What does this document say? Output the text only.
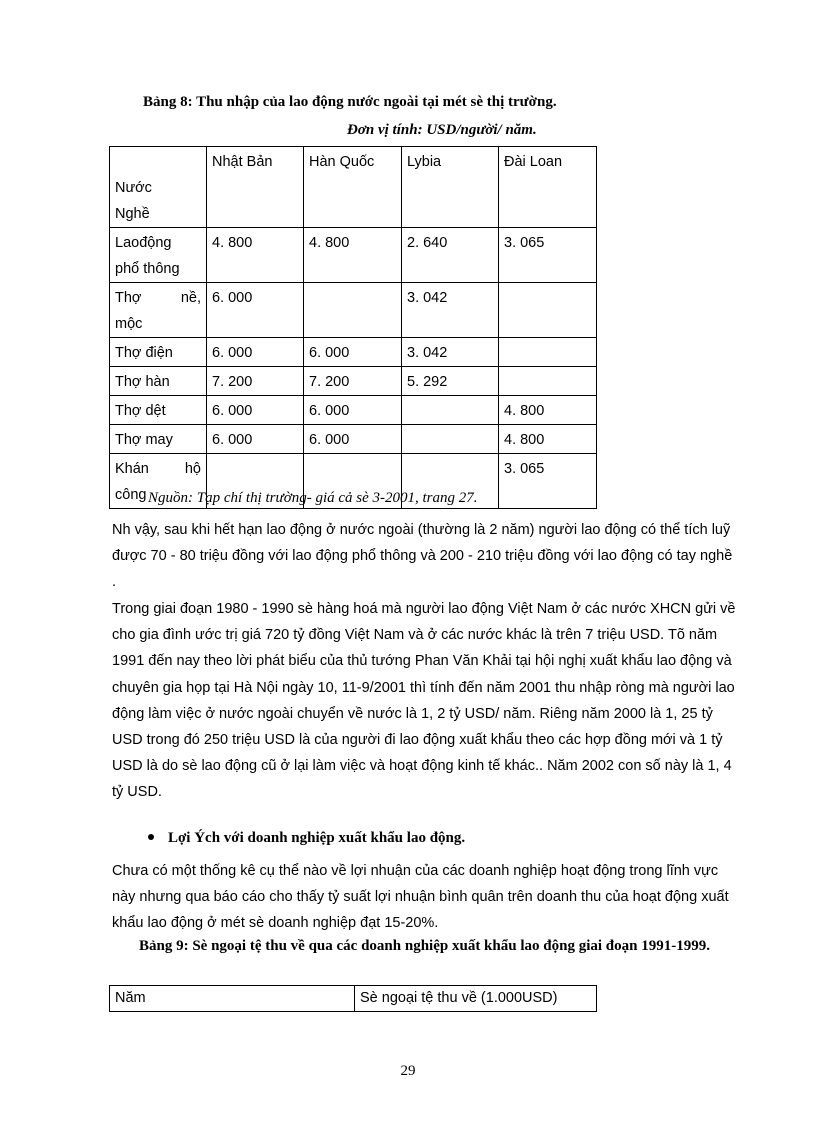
Bảng 8: Thu nhập của lao động nước ngoài tại mét sè thị trường.
Đơn vị tính: USD/người/ năm.
Nước
Nghề	Nhật Bản	Hàn Quốc	Lybia	Đài Loan

Laođộng
phổ thông	4. 800	4. 800	2. 640	3. 065

Thợ nề,
mộc	6. 000		3. 042	
Thợ điện	6. 000	6. 000	3. 042	
Thợ hàn	7. 200	7. 200	5. 292	
Thợ dệt	6. 000	6. 000		4. 800
Thợ may	6. 000	6. 000		4. 800

Khán hộ
công				3. 065
Nguồn: Tạp chí thị trường- giá cả sè 3-2001, trang 27.

Nh vậy, sau khi hết hạn lao động ở nước ngoài (thường là 2 năm) người lao động có thể tích luỹ được 70 - 80 triệu đồng với lao động phổ thông và 200 - 210 triệu đồng với lao động có tay nghề .

Trong giai đoạn 1980 - 1990 sè hàng hoá mà người lao động Việt Nam ở các nước XHCN gửi về cho gia đình ước trị giá 720 tỷ đồng Việt Nam và ở các nước khác là trên 7 triệu USD. Tõ năm 1991 đến nay theo lời phát biểu của thủ tướng Phan Văn Khải tại hội nghị xuất khẩu lao động và chuyên gia họp tại Hà Nội ngày 10, 11-9/2001 thì tính đến năm 2001 thu nhập ròng mà người lao động làm việc ở nước ngoài chuyển về nước là 1, 2 tỷ USD/ năm. Riêng năm 2000 là 1, 25 tỷ USD trong đó 250 triệu USD là của người đi lao động xuất khẩu theo các hợp đồng mới và 1 tỷ USD là do sè lao động cũ ở lại làm việc và hoạt động kinh tế khác.. Năm 2002 con số này là 1, 4 tỷ USD.

Lợi Ých với doanh nghiệp xuất khẩu lao động.

Chưa có một thống kê cụ thể nào về lợi nhuận của các doanh nghiệp hoạt động trong lĩnh vực này nhưng qua báo cáo cho thấy tỷ suất lợi nhuận bình quân trên doanh thu của hoạt động xuất khẩu lao động ở mét sè doanh nghiệp đạt 15-20%.

Bảng 9: Sè ngoại tệ thu về qua các doanh nghiệp xuất khẩu lao động giai đoạn 1991-1999.
Năm	Sè ngoại tệ thu về (1.000USD)
29
